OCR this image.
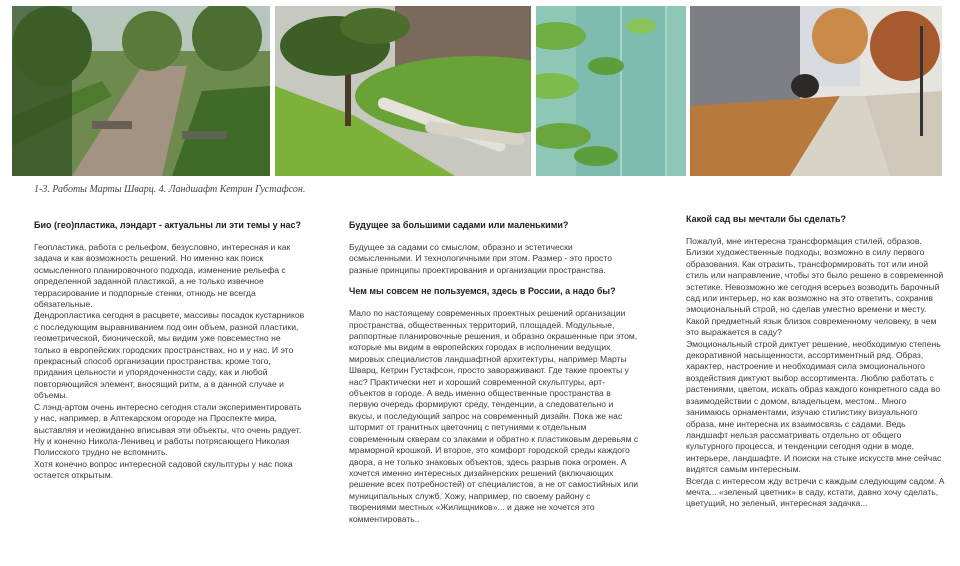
1-3. Работы Марты Шварц. 4. Ландшафт Кетрин Густафсон.
Био (гео)пластика, лэндарт - актуальны ли эти темы у нас?

Геопластика, работа с рельефом, безусловно, интересная и как задача и как возможность решений. Но именно как поиск осмысленного планировочного подхода, изменение рельефа с определенной заданной пластикой, а не только извечное террасирование и подпорные стенки, отнюдь не всегда обязательные.

Дендропластика сегодня в расцвете, массивы посадок кустарников с последующим выравниванием под оин объем, разной пластики, геометрической, бионической, мы видим уже повсеместно не только в европейских городских пространствах, но и у нас. И это прекрасный способ организации пространства: кроме того, придания цельности и упорядоченности саду, как и любой повторяющийся элемент, вносящий ритм, а в данной случае и объемы.

С лэнд-артом очень интересно сегодня стали экспериментировать у нас, например, в Аптекарском огороде на Проспекте мира, выставляя и неожиданно вписывая эти объекты, что очень радует. Ну и конечно Никола-Ленивец и работы потрясающего Николая Полисского трудно не вспомнить.

Хотя конечно вопрос интересной садовой скульптуры у нас пока остается открытым.

Будущее за большими садами или маленькими?

Будущее за садами со смыслом, образно и эстетически осмысленными. И технологичными при этом. Размер - это просто разные принципы проектирования и организации пространства.

Чем мы совсем не пользуемся, здесь в России, а надо бы?

Мало по настоящему современных проектных решений организации пространства, общественных территорий, площадей. Модульные, раппортные планировочные решения, и образно окрашенные при этом, которые мы видим в европейских городах в исполнении ведущих мировых специалистов ландшафтной архитектуры, например Марты Шварц, Кетрин Густафсон, просто завораживают. Где такие проекты у нас? Практически нет и хороший современной скульптуры, арт-объектов в городе. А ведь именно общественные пространства в первую очередь формируют среду, тенденции, а следовательно и вкусы, и последующий запрос на современный дизайн. Пока же нас штормит от гранитных цветочниц с петуниями к отдельным современным скверам со злаками и обратно к пластиковым деревьям с мраморной крошкой. И второе, это комфорт городской среды каждого двора, а не только знаковых объектов, здесь разрыв пока огромен. А хочется именно интересных дизайнерских решений (включающих решение всех потребностей) от специалистов, а не от самостийных или муниципальных служб. Хожу, например, по своему району с творениями местных «Жилищников»... и даже не хочется это комментировать..

Какой сад вы мечтали бы сделать?

Пожалуй, мне интересна трансформация стилей, образов. Близки художественные подходы, возможно в силу первого образования. Как отразить, трансформировать тот или иной стиль или направление, чтобы это было решено в современной эстетике. Невозможно же сегодня всерьез возводить барочный сад или интерьер, но как возможно на это ответить, сохранив эмоциональный строй, но сделав уместно времени и месту. Какой предметный язык близок современному человеку, в чем это выражается в саду?

Эмоциональный строй диктует решение, необходимую степень декоративной насыщенности, ассортиментный ряд. Образ, характер, настроение и необходимая сила эмоционального воздействия диктуют выбор ассортимента. Люблю работать с растениями, цветом, искать образ каждого конкретного сада во взаимодействии с домом, владельцем, местом.. Много занимаюсь орнаментами, изучаю стилистику визуального образа, мне интересна их взаимосвязь с садами. Ведь ландшафт нельзя рассматривать отдельно от общего культурного процесса, и тенденции сегодня одни в моде, интерьере, ландшафте. И поиски на стыке искусств мне сейчас видятся самым интересным.

Всегда с интересом жду встречи с каждым следующим садом. А мечта... «зеленый цветник» в саду, кстати, давно хочу сделать, цветущий, но зеленый, интересная задачка...
